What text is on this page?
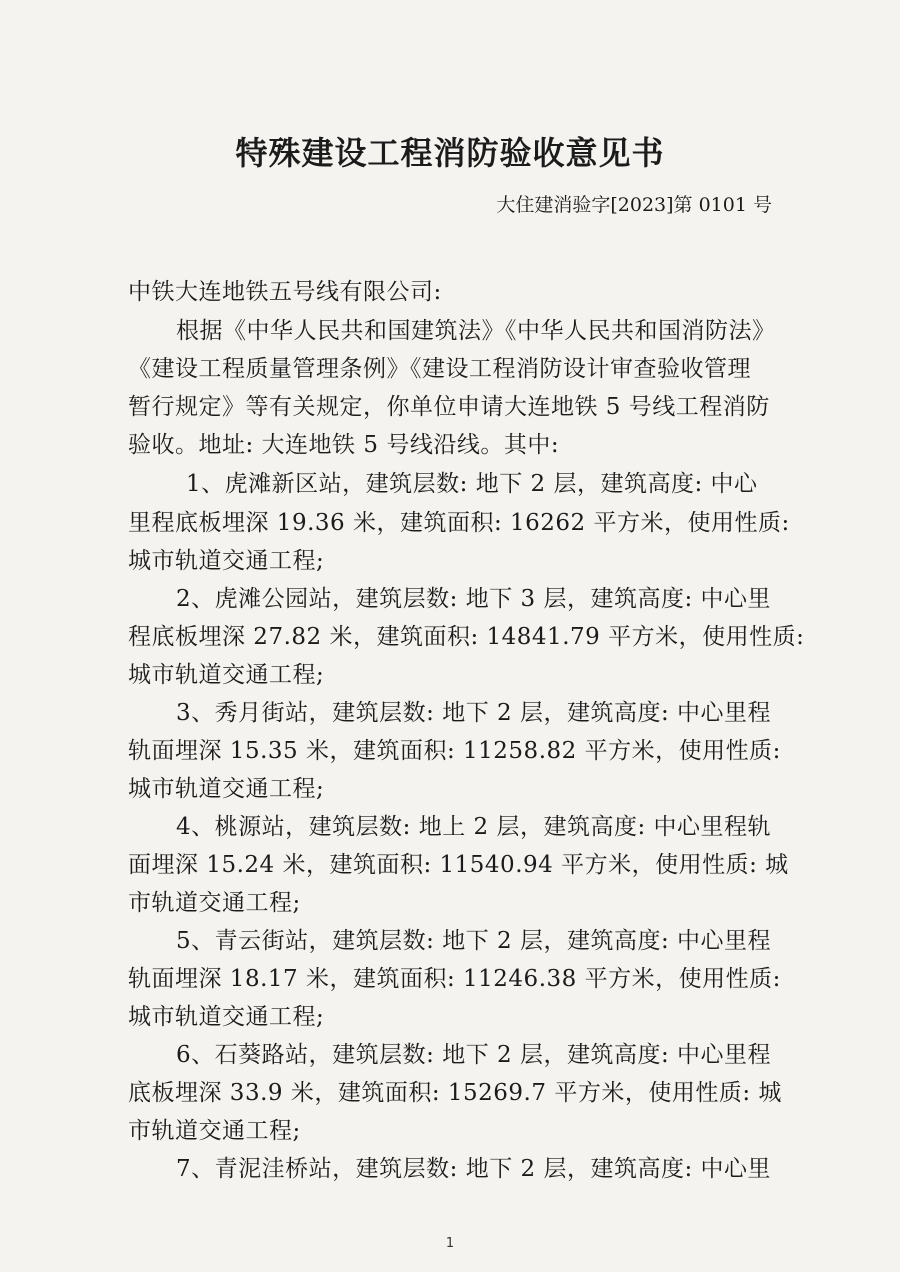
特殊建设工程消防验收意见书
大住建消验字[2023]第 0101 号
中铁大连地铁五号线有限公司:
根据《中华人民共和国建筑法》《中华人民共和国消防法》
《建设工程质量管理条例》《建设工程消防设计审查验收管理
暂行规定》等有关规定，你单位申请大连地铁 5 号线工程消防
验收。地址: 大连地铁 5 号线沿线。其中:
1、虎滩新区站，建筑层数: 地下 2 层，建筑高度: 中心
里程底板埋深 19.36 米，建筑面积: 16262 平方米，使用性质:
城市轨道交通工程;
2、虎滩公园站，建筑层数: 地下 3 层，建筑高度: 中心里
程底板埋深 27.82 米，建筑面积: 14841.79 平方米，使用性质:
城市轨道交通工程;
3、秀月街站，建筑层数: 地下 2 层，建筑高度: 中心里程
轨面埋深 15.35 米，建筑面积: 11258.82 平方米，使用性质:
城市轨道交通工程;
4、桃源站，建筑层数: 地上 2 层，建筑高度: 中心里程轨
面埋深 15.24 米，建筑面积: 11540.94 平方米，使用性质: 城
市轨道交通工程;
5、青云街站，建筑层数: 地下 2 层，建筑高度: 中心里程
轨面埋深 18.17 米，建筑面积: 11246.38 平方米，使用性质:
城市轨道交通工程;
6、石葵路站，建筑层数: 地下 2 层，建筑高度: 中心里程
底板埋深 33.9 米，建筑面积: 15269.7 平方米，使用性质: 城
市轨道交通工程;
7、青泥洼桥站，建筑层数: 地下 2 层，建筑高度: 中心里
1
